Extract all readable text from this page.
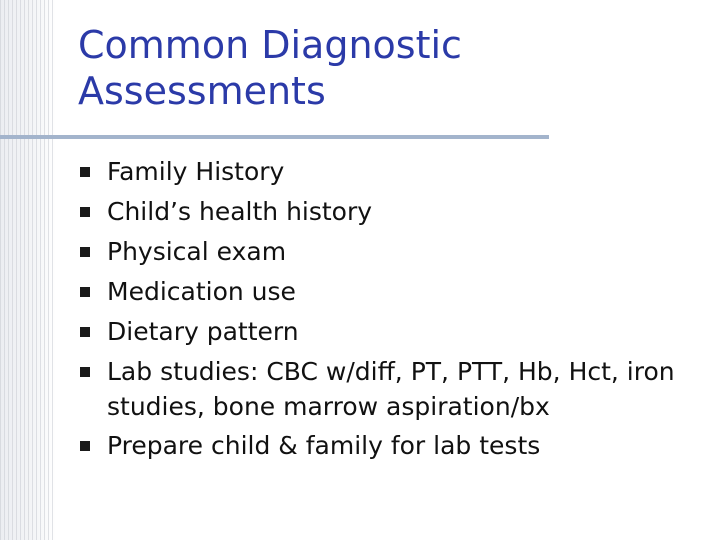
Common Diagnostic Assessments
Family History
Child’s health history
Physical exam
Medication use
Dietary pattern
Lab studies: CBC w/diff, PT, PTT, Hb, Hct, iron studies, bone marrow aspiration/bx
Prepare child & family for lab tests
